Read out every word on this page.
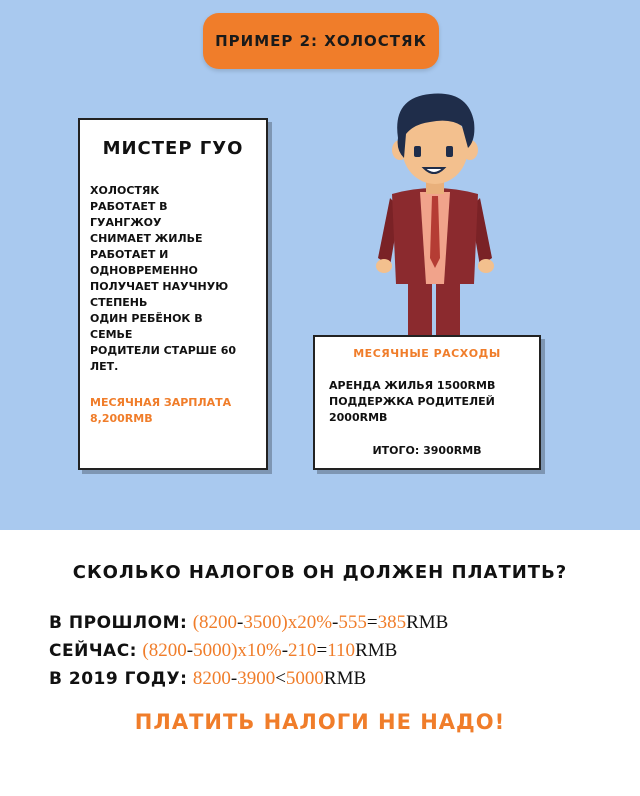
ПРИМЕР 2: ХОЛОСТЯК
МИСТЕР ГУО
ХОЛОСТЯК
РАБОТАЕТ В
ГУАНГЖОУ
СНИМАЕТ ЖИЛЬЕ
РАБОТАЕТ И
ОДНОВРЕМЕННО
ПОЛУЧАЕТ НАУЧНУЮ
СТЕПЕНЬ
ОДИН РЕБЁНОК В
СЕМЬЕ
РОДИТЕЛИ СТАРШЕ 60
ЛЕТ.
МЕСЯЧНАЯ ЗАРПЛАТА
8,200RMB
МЕСЯЧНЫЕ РАСХОДЫ
АРЕНДА ЖИЛЬЯ 1500RMB
ПОДДЕРЖКА РОДИТЕЛЕЙ
2000RMB
ИТОГО: 3900RMB
СКОЛЬКО НАЛОГОВ ОН ДОЛЖЕН ПЛАТИТЬ?
В ПРОШЛОМ: (8200-3500)x20%-555=385RMB
СЕЙЧАС: (8200-5000)x10%-210=110RMB
В 2019 ГОДУ: 8200-3900<5000RMB
ПЛАТИТЬ НАЛОГИ НЕ НАДО!
